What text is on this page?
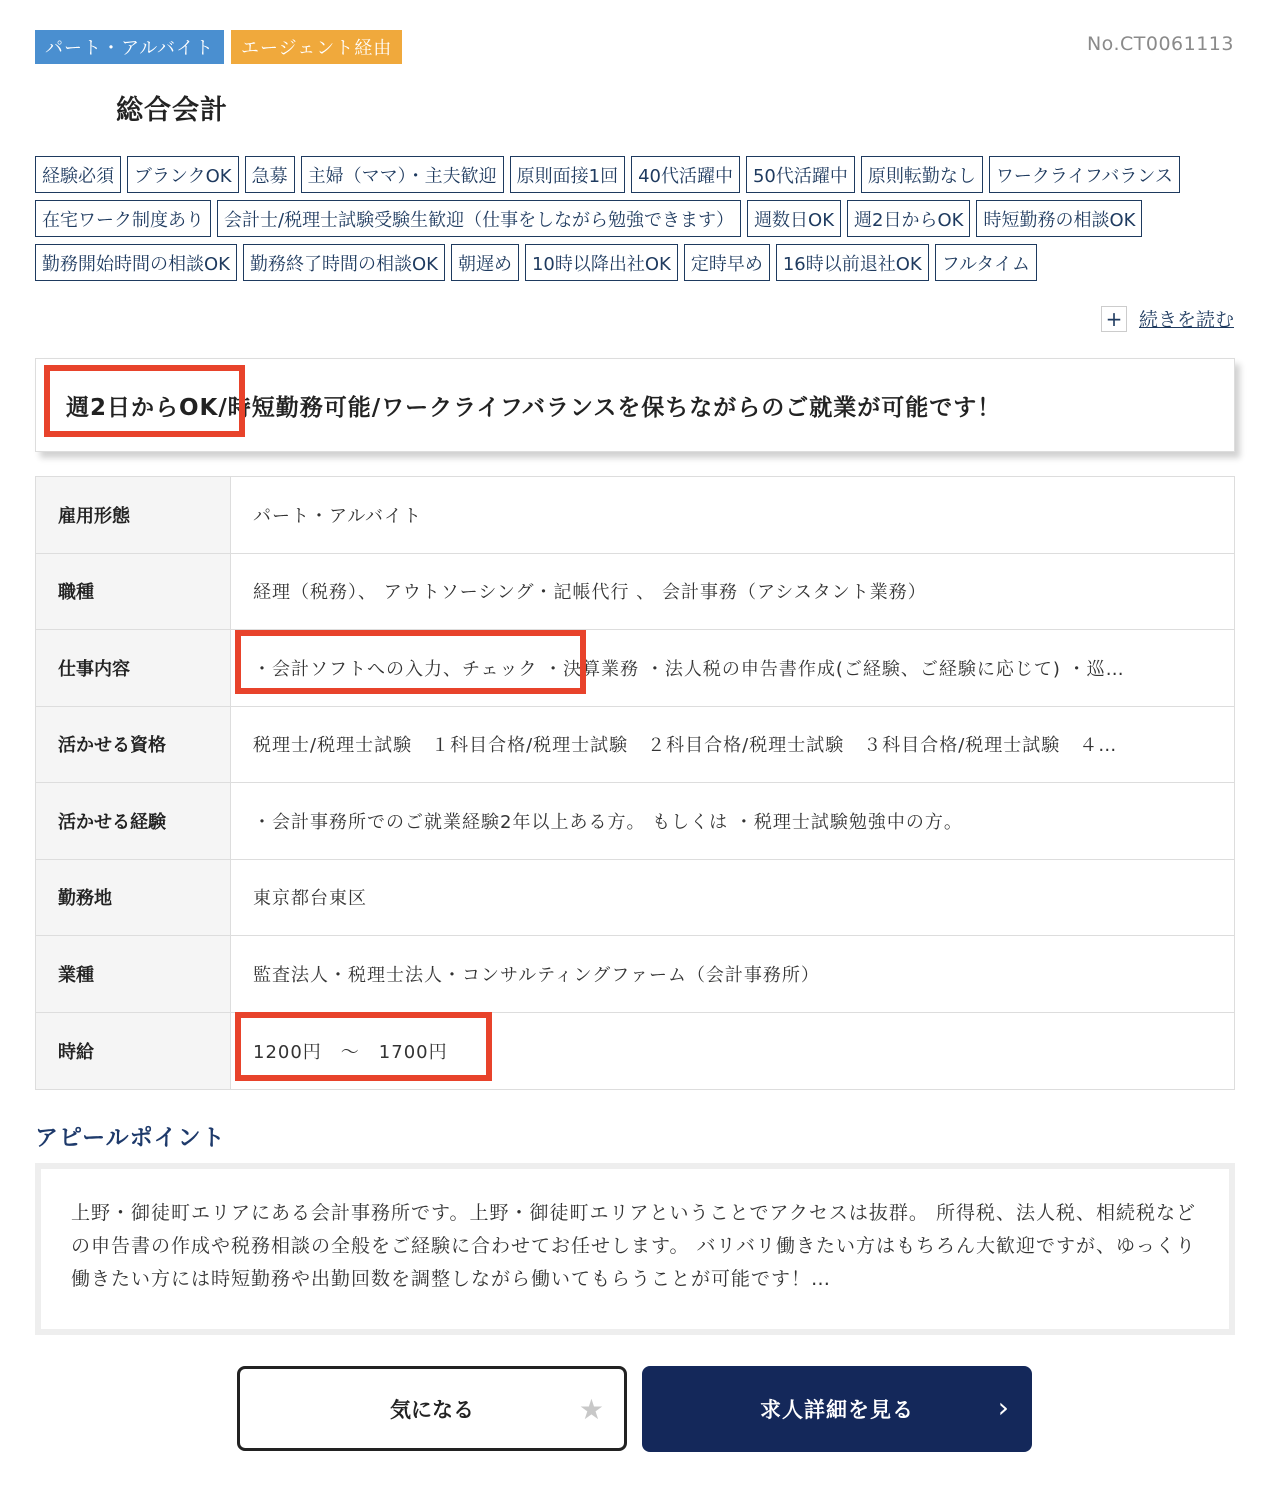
パート・アルバイト	エージェント経由	No.CT0061113
総合会計
経験必須	ブランクOK	急募	主婦（ママ）・主夫歓迎	原則面接1回	40代活躍中	50代活躍中	原則転勤なし	ワークライフバランス
在宅ワーク制度あり	会計士/税理士試験受験生歓迎（仕事をしながら勉強できます）	週数日OK	週2日からOK	時短勤務の相談OK
勤務開始時間の相談OK	勤務終了時間の相談OK	朝遅め	10時以降出社OK	定時早め	16時以前退社OK	フルタイム
+ 続きを読む
週2日からOK/時短勤務可能/ワークライフバランスを保ちながらのご就業が可能です！
雇用形態	パート・アルバイト
職種	経理（税務）、 アウトソーシング・記帳代行 、 会計事務（アシスタント業務）
仕事内容	・会計ソフトへの入力、チェック ・決算業務 ・法人税の申告書作成(ご経験、ご経験に応じて) ・巡…
活かせる資格	税理士/税理士試験　１科目合格/税理士試験　２科目合格/税理士試験　３科目合格/税理士試験　４…
活かせる経験	・会計事務所でのご就業経験2年以上ある方。 もしくは ・税理士試験勉強中の方。
勤務地	東京都台東区
業種	監査法人・税理士法人・コンサルティングファーム（会計事務所）
時給	1200円　～　1700円
アピールポイント
上野・御徒町エリアにある会計事務所です。上野・御徒町エリアということでアクセスは抜群。 所得税、法人税、相続税などの申告書の作成や税務相談の全般をご経験に合わせてお任せします。 バリバリ働きたい方はもちろん大歓迎ですが、ゆっくり働きたい方には時短勤務や出勤回数を調整しながら働いてもらうことが可能です！…
気になる	★	求人詳細を見る	›
